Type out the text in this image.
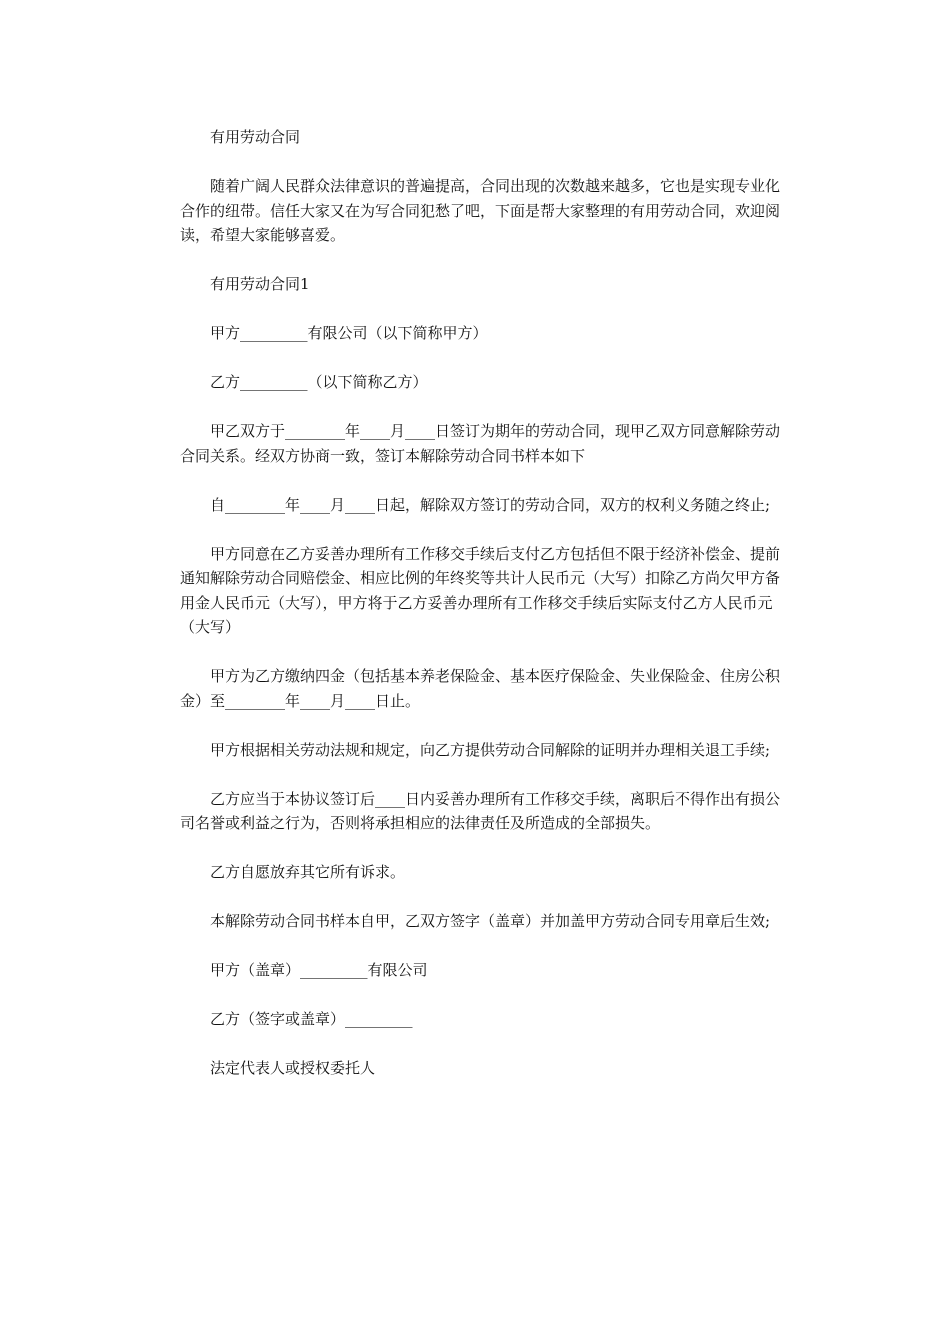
有用劳动合同

随着广阔人民群众法律意识的普遍提高，合同出现的次数越来越多，它也是实现专业化合作的纽带。信任大家又在为写合同犯愁了吧，下面是帮大家整理的有用劳动合同，欢迎阅读，希望大家能够喜爱。

有用劳动合同1

甲方_________有限公司（以下简称甲方）

乙方_________（以下简称乙方）

甲乙双方于________年____月____日签订为期年的劳动合同，现甲乙双方同意解除劳动合同关系。经双方协商一致，签订本解除劳动合同书样本如下

自________年____月____日起，解除双方签订的劳动合同，双方的权利义务随之终止;

甲方同意在乙方妥善办理所有工作移交手续后支付乙方包括但不限于经济补偿金、提前通知解除劳动合同赔偿金、相应比例的年终奖等共计人民币元（大写）扣除乙方尚欠甲方备用金人民币元（大写），甲方将于乙方妥善办理所有工作移交手续后实际支付乙方人民币元（大写）

甲方为乙方缴纳四金（包括基本养老保险金、基本医疗保险金、失业保险金、住房公积金）至________年____月____日止。

甲方根据相关劳动法规和规定，向乙方提供劳动合同解除的证明并办理相关退工手续;

乙方应当于本协议签订后____日内妥善办理所有工作移交手续，离职后不得作出有损公司名誉或利益之行为，否则将承担相应的法律责任及所造成的全部损失。

乙方自愿放弃其它所有诉求。

本解除劳动合同书样本自甲，乙双方签字（盖章）并加盖甲方劳动合同专用章后生效;

甲方（盖章）_________有限公司

乙方（签字或盖章）_________

法定代表人或授权委托人
